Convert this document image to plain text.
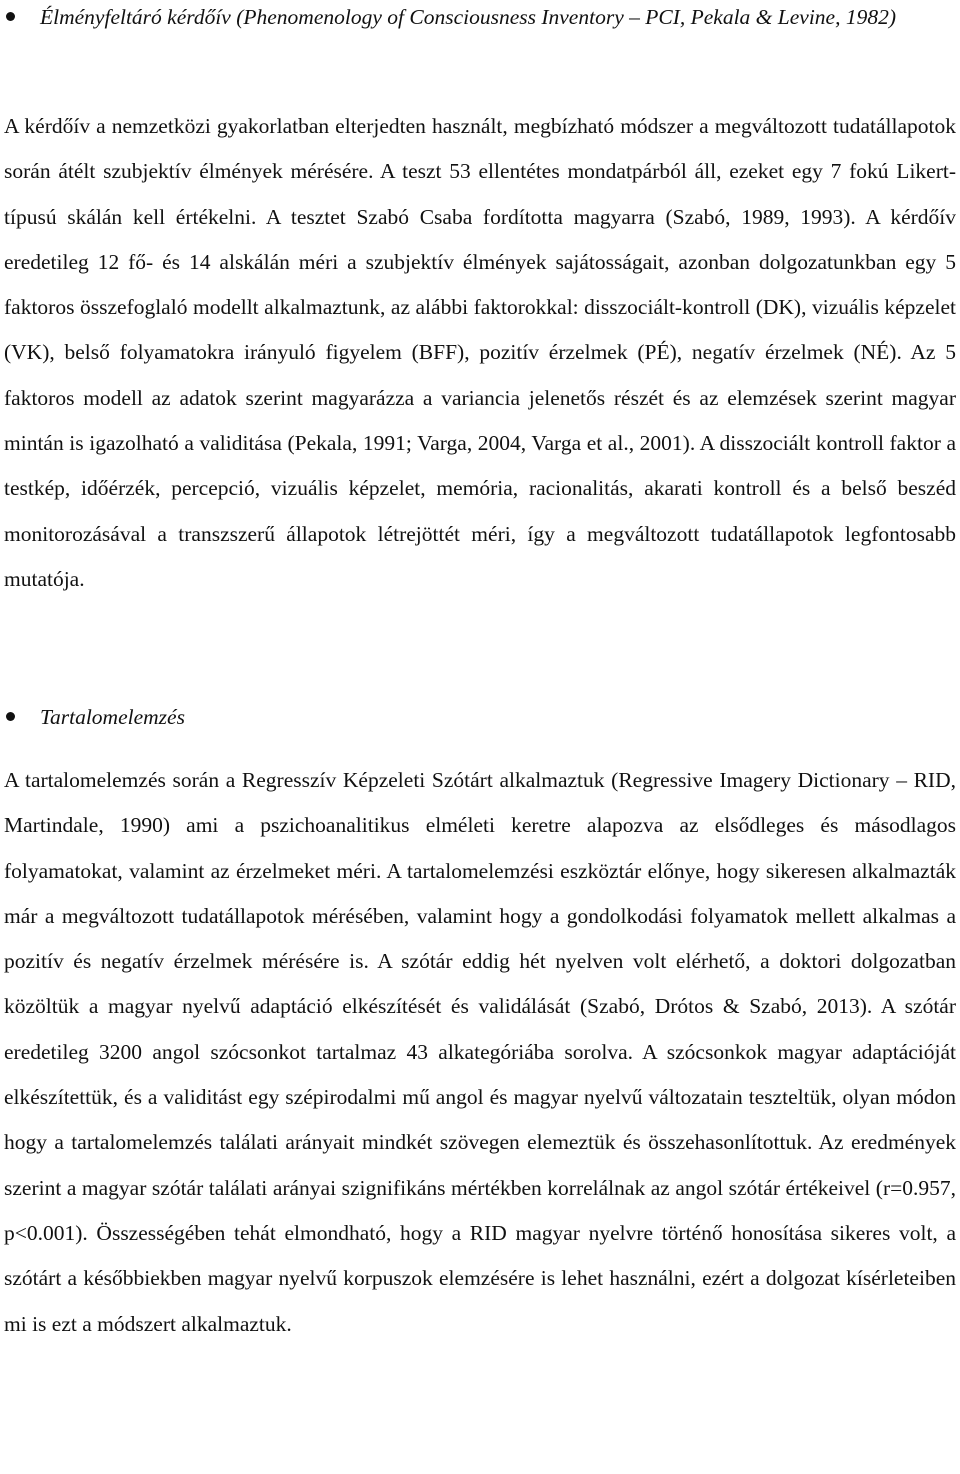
Élményfeltáró kérdőív (Phenomenology of Consciousness Inventory – PCI, Pekala & Levine, 1982)

A kérdőív a nemzetközi gyakorlatban elterjedten használt, megbízható módszer a megváltozott tudatállapotok során átélt szubjektív élmények mérésére. A teszt 53 ellentétes mondatpárból áll, ezeket egy 7 fokú Likert-típusú skálán kell értékelni. A tesztet Szabó Csaba fordította magyarra (Szabó, 1989, 1993). A kérdőív eredetileg 12 fő- és 14 alskálán méri a szubjektív élmények sajátosságait, azonban dolgozatunkban egy 5 faktoros összefoglaló modellt alkalmaztunk, az alábbi faktorokkal: disszociált-kontroll (DK), vizuális képzelet (VK), belső folyamatokra irányuló figyelem (BFF), pozitív érzelmek (PÉ), negatív érzelmek (NÉ). Az 5 faktoros modell az adatok szerint magyarázza a variancia jelenetős részét és az elemzések szerint magyar mintán is igazolható a validitása (Pekala, 1991; Varga, 2004, Varga et al., 2001). A disszociált kontroll faktor a testkép, időérzék, percepció, vizuális képzelet, memória, racionalitás, akarati kontroll és a belső beszéd monitorozásával a transzszerű állapotok létrejöttét méri, így a megváltozott tudatállapotok legfontosabb mutatója.

Tartalomelemzés

A tartalomelemzés során a Regresszív Képzeleti Szótárt alkalmaztuk (Regressive Imagery Dictionary – RID, Martindale, 1990) ami a pszichoanalitikus elméleti keretre alapozva az elsődleges és másodlagos folyamatokat, valamint az érzelmeket méri. A tartalomelemzési eszköztár előnye, hogy sikeresen alkalmazták már a megváltozott tudatállapotok mérésében, valamint hogy a gondolkodási folyamatok mellett alkalmas a pozitív és negatív érzelmek mérésére is. A szótár eddig hét nyelven volt elérhető, a doktori dolgozatban közöltük a magyar nyelvű adaptáció elkészítését és validálását (Szabó, Drótos & Szabó, 2013). A szótár eredetileg 3200 angol szócsonkot tartalmaz 43 alkategóriába sorolva. A szócsonkok magyar adaptációját elkészítettük, és a validitást egy szépirodalmi mű angol és magyar nyelvű változatain teszteltük, olyan módon hogy a tartalomelemzés találati arányait mindkét szövegen elemeztük és összehasonlítottuk. Az eredmények szerint a magyar szótár találati arányai szignifikáns mértékben korrelálnak az angol szótár értékeivel (r=0.957, p<0.001). Összességében tehát elmondható, hogy a RID magyar nyelvre történő honosítása sikeres volt, a szótárt a későbbiekben magyar nyelvű korpuszok elemzésére is lehet használni, ezért a dolgozat kísérleteiben mi is ezt a módszert alkalmaztuk.
